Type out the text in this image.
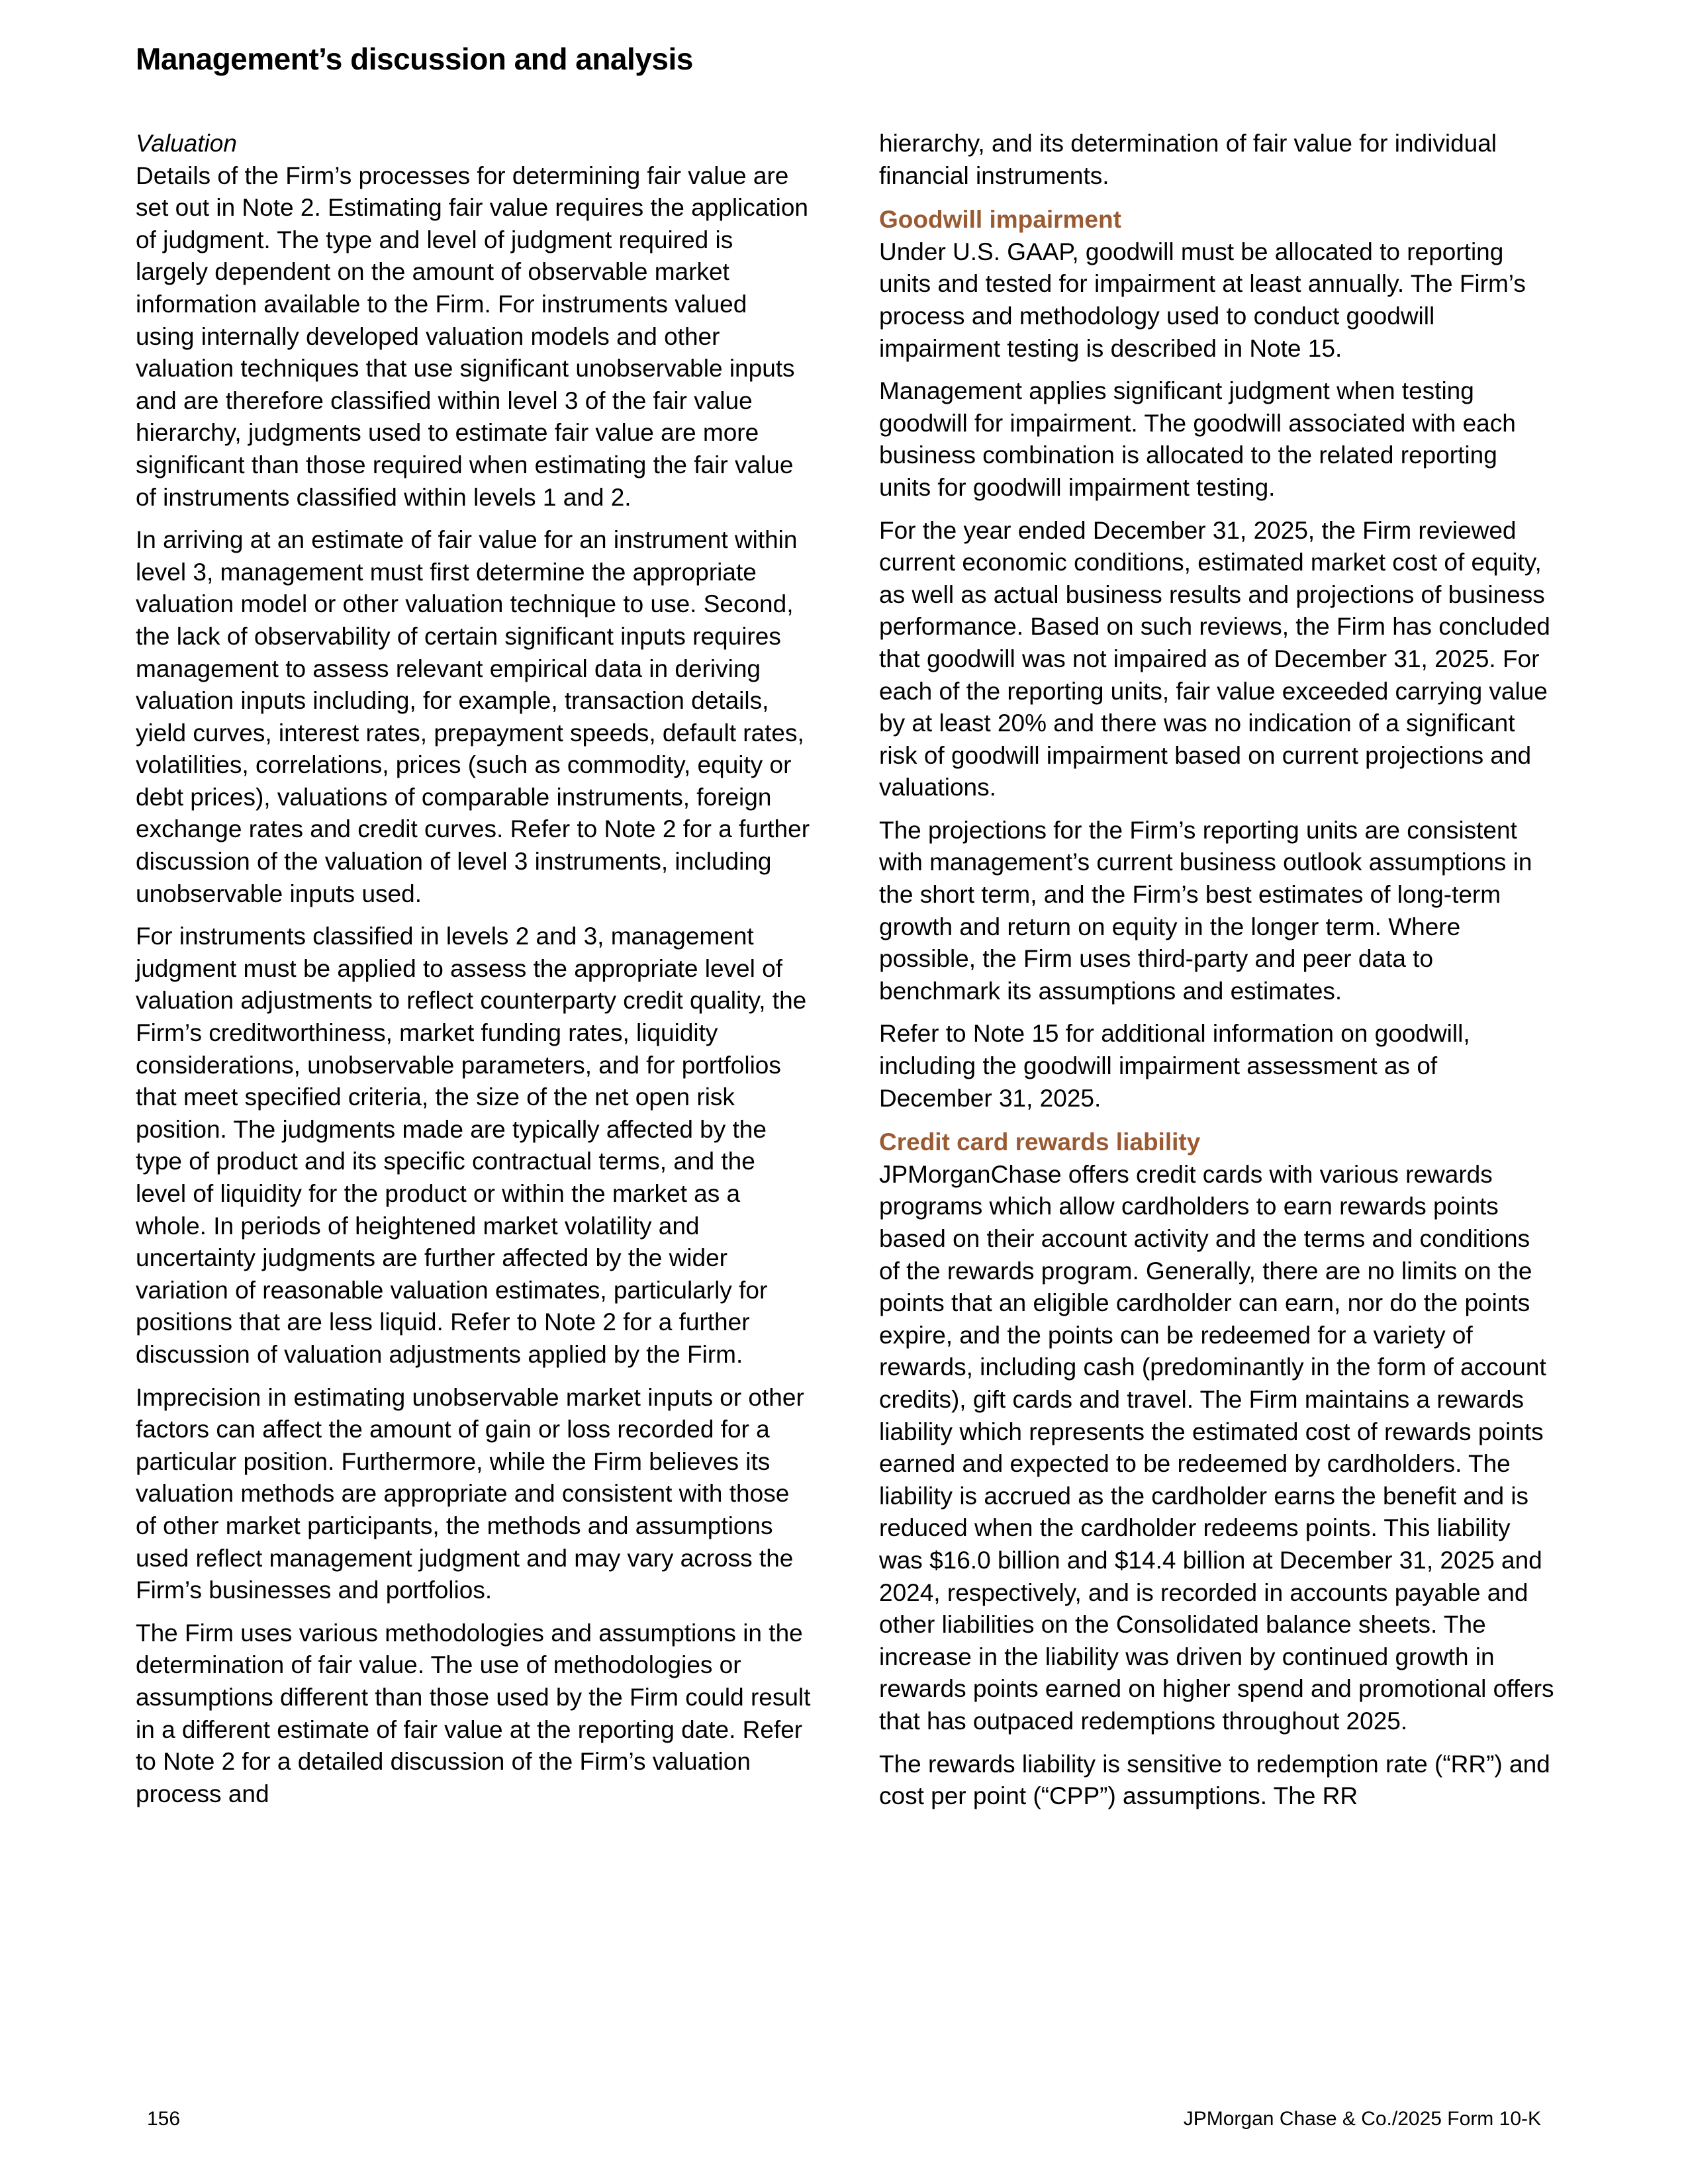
Management’s discussion and analysis

Valuation

Details of the Firm’s processes for determining fair value are set out in Note 2. Estimating fair value requires the application of judgment. The type and level of judgment required is largely dependent on the amount of observable market information available to the Firm. For instruments valued using internally developed valuation models and other valuation techniques that use significant unobservable inputs and are therefore classified within level 3 of the fair value hierarchy, judgments used to estimate fair value are more significant than those required when estimating the fair value of instruments classified within levels 1 and 2.

In arriving at an estimate of fair value for an instrument within level 3, management must first determine the appropriate valuation model or other valuation technique to use. Second, the lack of observability of certain significant inputs requires management to assess relevant empirical data in deriving valuation inputs including, for example, transaction details, yield curves, interest rates, prepayment speeds, default rates, volatilities, correlations, prices (such as commodity, equity or debt prices), valuations of comparable instruments, foreign exchange rates and credit curves. Refer to Note 2 for a further discussion of the valuation of level 3 instruments, including unobservable inputs used.

For instruments classified in levels 2 and 3, management judgment must be applied to assess the appropriate level of valuation adjustments to reflect counterparty credit quality, the Firm’s creditworthiness, market funding rates, liquidity considerations, unobservable parameters, and for portfolios that meet specified criteria, the size of the net open risk position. The judgments made are typically affected by the type of product and its specific contractual terms, and the level of liquidity for the product or within the market as a whole. In periods of heightened market volatility and uncertainty judgments are further affected by the wider variation of reasonable valuation estimates, particularly for positions that are less liquid. Refer to Note 2 for a further discussion of valuation adjustments applied by the Firm.

Imprecision in estimating unobservable market inputs or other factors can affect the amount of gain or loss recorded for a particular position. Furthermore, while the Firm believes its valuation methods are appropriate and consistent with those of other market participants, the methods and assumptions used reflect management judgment and may vary across the Firm’s businesses and portfolios.

The Firm uses various methodologies and assumptions in the determination of fair value. The use of methodologies or assumptions different than those used by the Firm could result in a different estimate of fair value at the reporting date. Refer to Note 2 for a detailed discussion of the Firm’s valuation process and

hierarchy, and its determination of fair value for individual financial instruments.

Goodwill impairment

Under U.S. GAAP, goodwill must be allocated to reporting units and tested for impairment at least annually. The Firm’s process and methodology used to conduct goodwill impairment testing is described in Note 15.

Management applies significant judgment when testing goodwill for impairment. The goodwill associated with each business combination is allocated to the related reporting units for goodwill impairment testing.

For the year ended December 31, 2025, the Firm reviewed current economic conditions, estimated market cost of equity, as well as actual business results and projections of business performance. Based on such reviews, the Firm has concluded that goodwill was not impaired as of December 31, 2025. For each of the reporting units, fair value exceeded carrying value by at least 20% and there was no indication of a significant risk of goodwill impairment based on current projections and valuations.

The projections for the Firm’s reporting units are consistent with management’s current business outlook assumptions in the short term, and the Firm’s best estimates of long-term growth and return on equity in the longer term. Where possible, the Firm uses third-party and peer data to benchmark its assumptions and estimates.

Refer to Note 15 for additional information on goodwill, including the goodwill impairment assessment as of December 31, 2025.

Credit card rewards liability

JPMorganChase offers credit cards with various rewards programs which allow cardholders to earn rewards points based on their account activity and the terms and conditions of the rewards program. Generally, there are no limits on the points that an eligible cardholder can earn, nor do the points expire, and the points can be redeemed for a variety of rewards, including cash (predominantly in the form of account credits), gift cards and travel. The Firm maintains a rewards liability which represents the estimated cost of rewards points earned and expected to be redeemed by cardholders. The liability is accrued as the cardholder earns the benefit and is reduced when the cardholder redeems points. This liability was $16.0 billion and $14.4 billion at December 31, 2025 and 2024, respectively, and is recorded in accounts payable and other liabilities on the Consolidated balance sheets. The increase in the liability was driven by continued growth in rewards points earned on higher spend and promotional offers that has outpaced redemptions throughout 2025.

The rewards liability is sensitive to redemption rate (“RR”) and cost per point (“CPP”) assumptions. The RR

156	JPMorgan Chase & Co./2025 Form 10-K
